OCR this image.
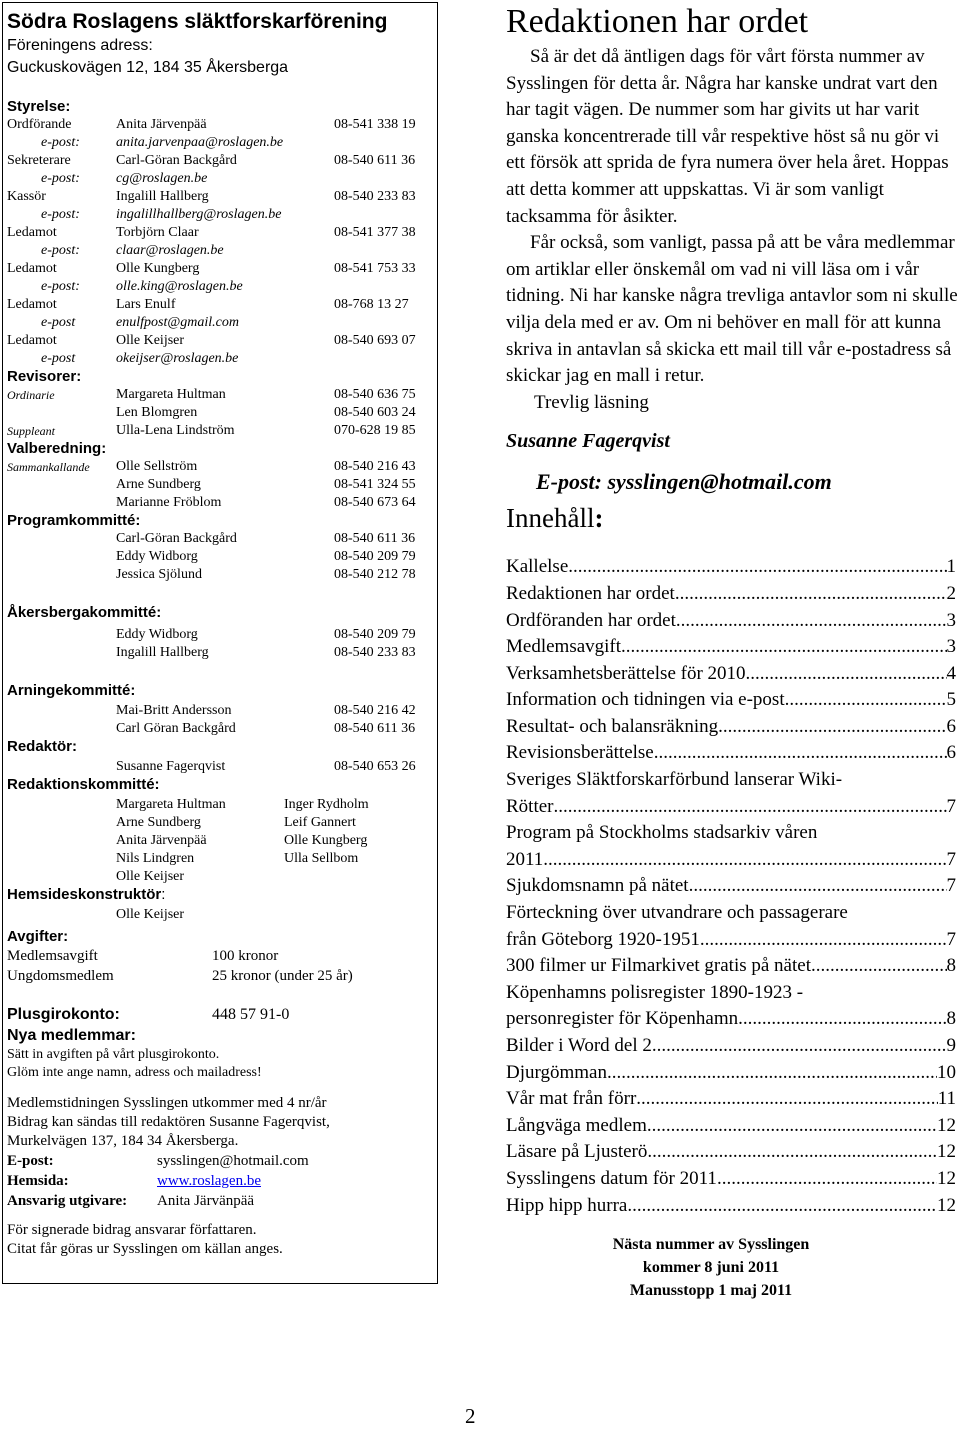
Södra Roslagens släktforskarförening
Föreningens adress:
Guckuskovägen 12, 184 35 Åkersberga
Styrelse:
Ordförande	Anita Järvenpää	08-541 338 19
e-post:	anita.jarvenpaa@roslagen.be
Sekreterare	Carl-Göran Backgård	08-540 611 36
e-post:	cg@roslagen.be
Kassör	Ingalill Hallberg	08-540 233 83
e-post:	ingalillhallberg@roslagen.be
Ledamot	Torbjörn Claar	08-541 377 38
e-post:	claar@roslagen.be
Ledamot	Olle Kungberg	08-541 753 33
e-post:	olle.king@roslagen.be
Ledamot	Lars Enulf	08-768 13 27
e-post	enulfpost@gmail.com
Ledamot	Olle Keijser	08-540 693 07
e-post	okeijser@roslagen.be
Revisorer:
Ordinarie	Margareta Hultman	08-540 636 75
Len Blomgren	08-540 603 24
Suppleant	Ulla-Lena Lindström	070-628 19 85
Valberedning:
Sammankallande Olle Sellström	08-540 216 43
Arne Sundberg	08-541 324 55
Marianne Fröblom	08-540 673 64
Programkommitté:
Carl-Göran Backgård	08-540 611 36
Eddy Widborg	08-540 209 79
Jessica Sjölund	08-540 212 78
Åkersbergakommitté:
Eddy Widborg	08-540 209 79
Ingalill Hallberg	08-540 233 83
Arningekommitté:
Mai-Britt Andersson	08-540 216 42
Carl Göran Backgård	08-540 611 36
Redaktör:
Susanne Fagerqvist	08-540 653 26
Redaktionskommitté:
Margareta Hultman	Inger Rydholm
Arne Sundberg	Leif Gannert
Anita Järvenpää	Olle Kungberg
Nils Lindgren	Ulla Sellbom
Olle Keijser
Hemsideskonstruktör:
Olle Keijser
Avgifter:
Medlemsavgift	100 kronor
Ungdomsmedlem	25 kronor (under 25 år)
Plusgirokonto:	448 57 91-0
Nya medlemmar:
Sätt in avgiften på vårt plusgirokonto.
Glöm inte ange namn, adress och mailadress!
Medlemstidningen Sysslingen utkommer med 4 nr/år
Bidrag kan sändas till redaktören Susanne Fagerqvist,
Murkelvägen 137, 184 34 Åkersberga.
E-post:	sysslingen@hotmail.com
Hemsida:	www.roslagen.be
Ansvarig utgivare: Anita Järvänpää
För signerade bidrag ansvarar författaren.
Citat får göras ur Sysslingen om källan anges.
Redaktionen har ordet

Så är det då äntligen dags för vårt första nummer av Sysslingen för detta år. Några har kanske undrat vart den har tagit vägen. De nummer som har givits ut har varit ganska koncentrerade till vår respektive höst så nu gör vi ett försök att sprida de fyra numera över hela året. Hoppas att detta kommer att uppskattas. Vi är som vanligt tacksamma för åsikter.

Får också, som vanligt, passa på att be våra medlemmar om artiklar eller önskemål om vad ni vill läsa om i vår tidning. Ni har kanske några trevliga antavlor som ni skulle vilja dela med er av. Om ni behöver en mall för att kunna skriva in antavlan så skicka ett mail till vår e-postadress så skickar jag en mall i retur.

Trevlig läsning

Susanne Fagerqvist
E-post: sysslingen@hotmail.com
Innehåll:
Kallelse .....	1
Redaktionen har ordet .....	2
Ordföranden har ordet .....	3
Medlemsavgift .....	3
Verksamhetsberättelse för 2010 .....	4
Information och tidningen via e-post .....	5
Resultat- och balansräkning .....	6
Revisionsberättelse .....	6
Sveriges Släktforskarförbund lanserar Wiki-
Rötter .....	7
Program på Stockholms stadsarkiv våren
2011 .....	7
Sjukdomsnamn på nätet .....	7
Förteckning över utvandrare och passagerare
från Göteborg 1920-1951 .....	7
300 filmer ur Filmarkivet gratis på nätet .....	8
Köpenhamns polisregister 1890-1923 -
personregister för Köpenhamn .....	8
Bilder i Word del 2 .....	9
Djurgömman .....	10
Vår mat från förr .....	11
Långväga medlem .....	12
Läsare på Ljusterö .....	12
Sysslingens datum för 2011 .....	12
Hipp hipp hurra .....	12
Nästa nummer av Sysslingen
kommer 8 juni 2011
Manusstopp 1 maj 2011
2
